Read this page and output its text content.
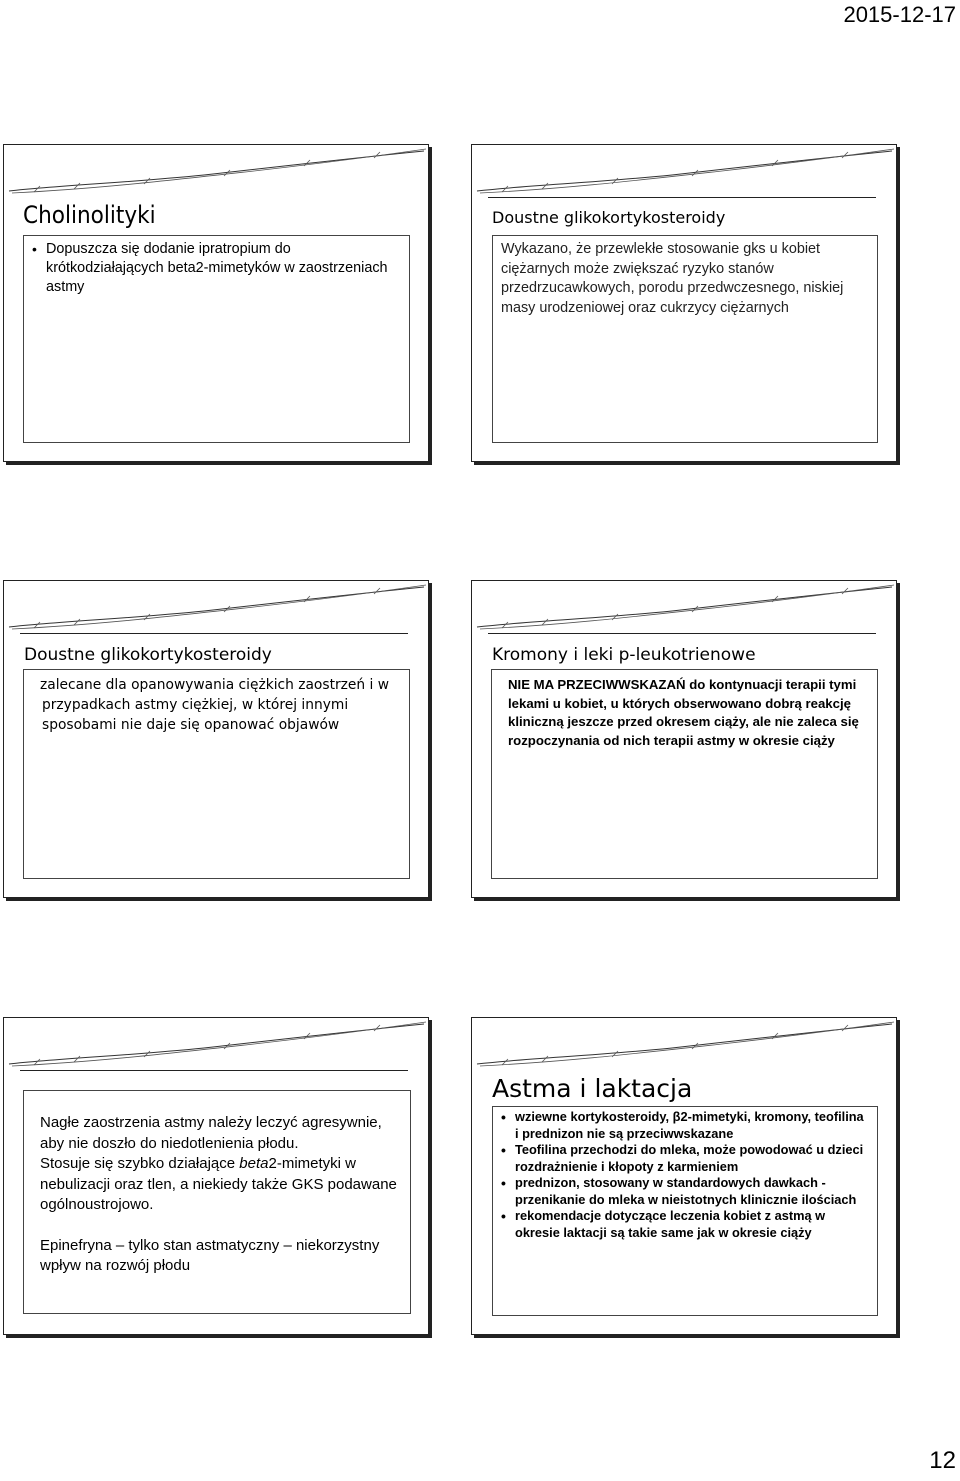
2015-12-17
Cholinolityki
• Dopuszcza się dodanie ipratropium do krótkodziałających beta2-mimetyków w zaostrzeniach astmy
Doustne glikokortykosteroidy

Wykazano, że przewlekłe stosowanie gks u kobiet ciężarnych może zwiększać ryzyko stanów przedrzucawkowych, porodu przedwczesnego, niskiej masy urodzeniowej oraz cukrzycy ciężarnych

Doustne glikokortykosteroidy

zalecane dla opanowywania ciężkich zaostrzeń i w przypadkach astmy ciężkiej, w której innymi sposobami nie daje się opanować objawów

Kromony i leki p-leukotrienowe

NIE MA PRZECIWWSKAZAŃ do kontynuacji terapii tymi lekami u kobiet, u których obserwowano dobrą reakcję kliniczną jeszcze przed okresem ciąży, ale nie zaleca się rozpoczynania od nich terapii astmy w okresie ciąży

Nagłe zaostrzenia astmy należy leczyć agresywnie, aby nie doszło do niedotlenienia płodu.

Stosuje się szybko działające beta2-mimetyki w nebulizacji oraz tlen, a niekiedy także GKS podawane ogólnoustrojowo.

Epinefryna – tylko stan astmatyczny – niekorzystny wpływ na rozwój płodu

Astma i laktacja
• wziewne kortykosteroidy, β2-mimetyki, kromony, teofilina i prednizon nie są przeciwwskazane
• Teofilina przechodzi do mleka, może powodować u dzieci rozdrażnienie i kłopoty z karmieniem
• prednizon, stosowany w standardowych dawkach - przenikanie do mleka w nieistotnych klinicznie ilościach
• rekomendacje dotyczące leczenia kobiet z astmą w okresie laktacji są takie same jak w okresie ciąży
12
